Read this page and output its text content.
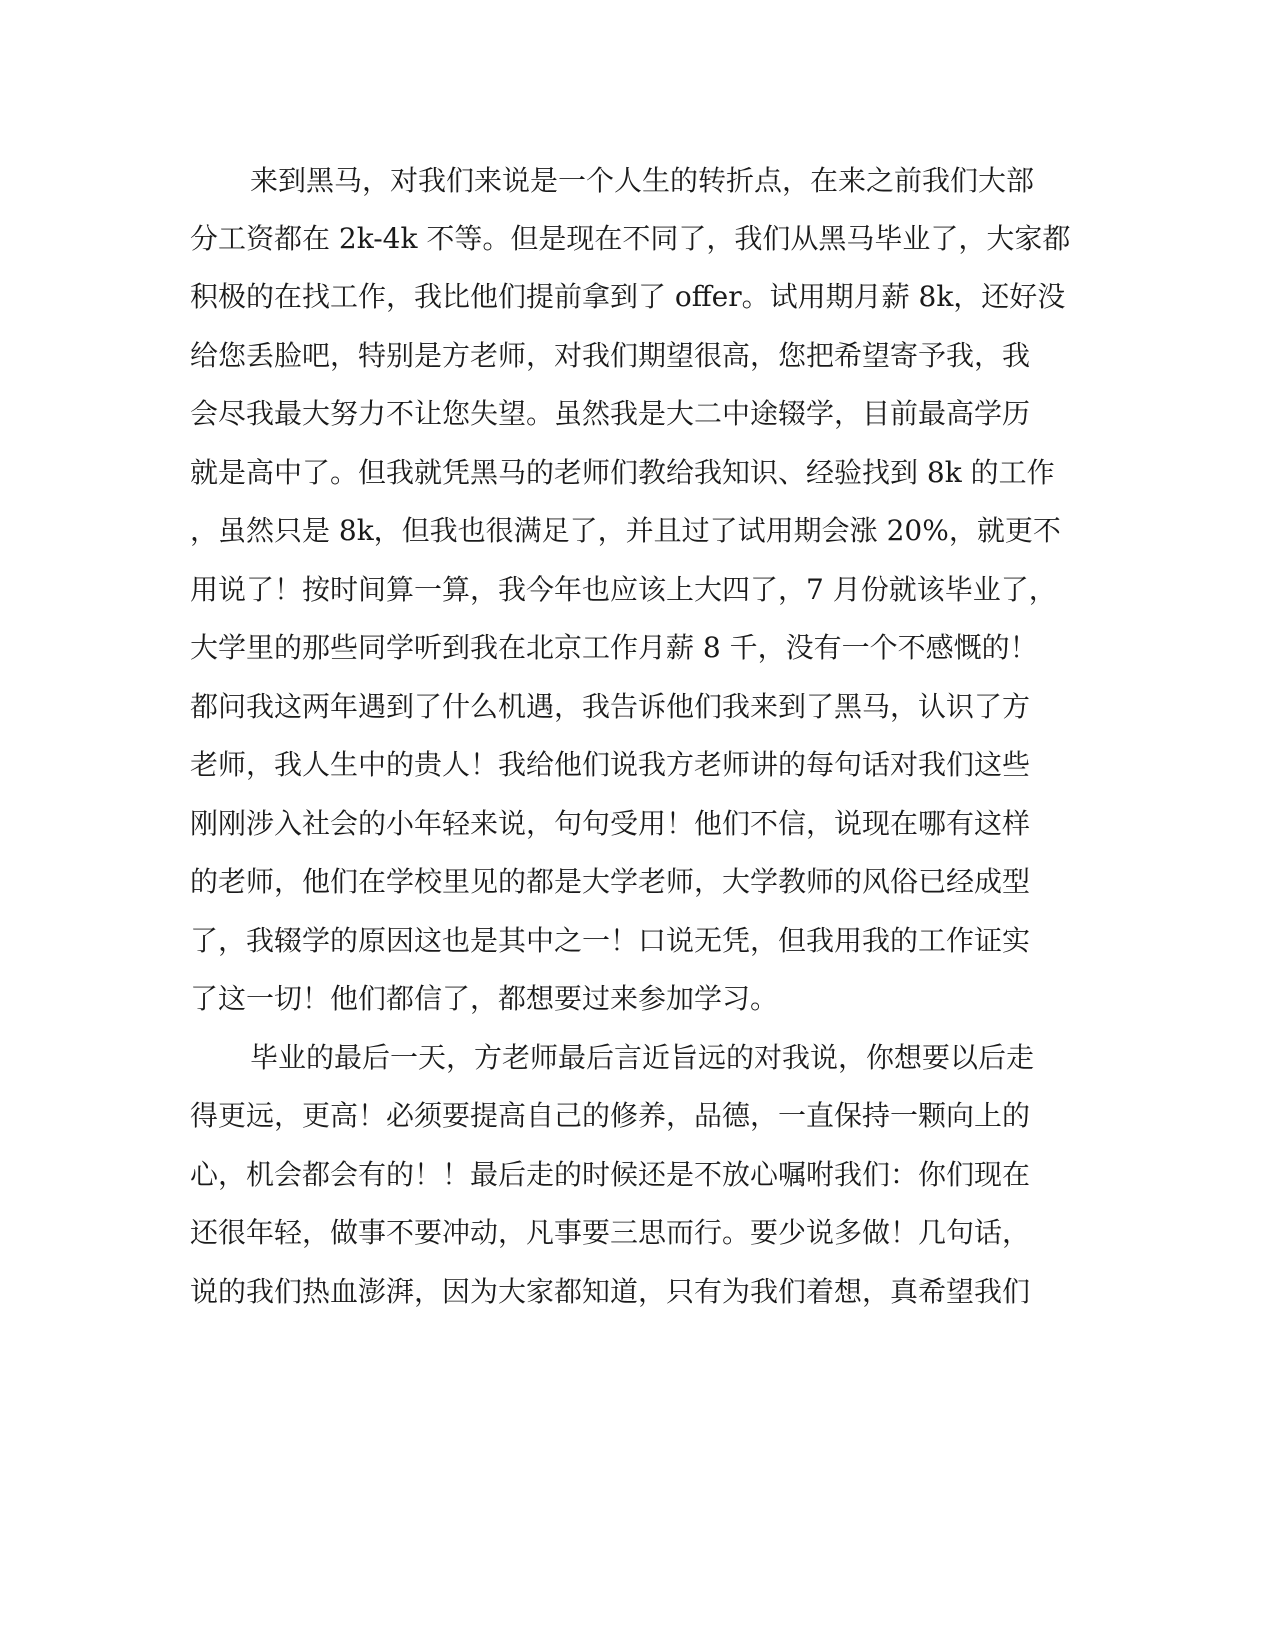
来到黑马，对我们来说是一个人生的转折点，在来之前我们大部
分工资都在 2k-4k 不等。但是现在不同了，我们从黑马毕业了，大家都
积极的在找工作，我比他们提前拿到了 offer。试用期月薪 8k，还好没
给您丢脸吧，特别是方老师，对我们期望很高，您把希望寄予我，我
会尽我最大努力不让您失望。虽然我是大二中途辍学，目前最高学历
就是高中了。但我就凭黑马的老师们教给我知识、经验找到 8k 的工作
，虽然只是 8k，但我也很满足了，并且过了试用期会涨 20%，就更不
用说了！按时间算一算，我今年也应该上大四了，7 月份就该毕业了，
大学里的那些同学听到我在北京工作月薪 8 千，没有一个不感慨的！
都问我这两年遇到了什么机遇，我告诉他们我来到了黑马，认识了方
老师，我人生中的贵人！我给他们说我方老师讲的每句话对我们这些
刚刚涉入社会的小年轻来说，句句受用！他们不信，说现在哪有这样
的老师，他们在学校里见的都是大学老师，大学教师的风俗已经成型
了，我辍学的原因这也是其中之一！口说无凭，但我用我的工作证实
了这一切！他们都信了，都想要过来参加学习。
毕业的最后一天，方老师最后言近旨远的对我说，你想要以后走
得更远，更高！必须要提高自己的修养，品德，一直保持一颗向上的
心，机会都会有的！！最后走的时候还是不放心嘱咐我们：你们现在
还很年轻，做事不要冲动，凡事要三思而行。要少说多做！几句话，
说的我们热血澎湃，因为大家都知道，只有为我们着想，真希望我们
